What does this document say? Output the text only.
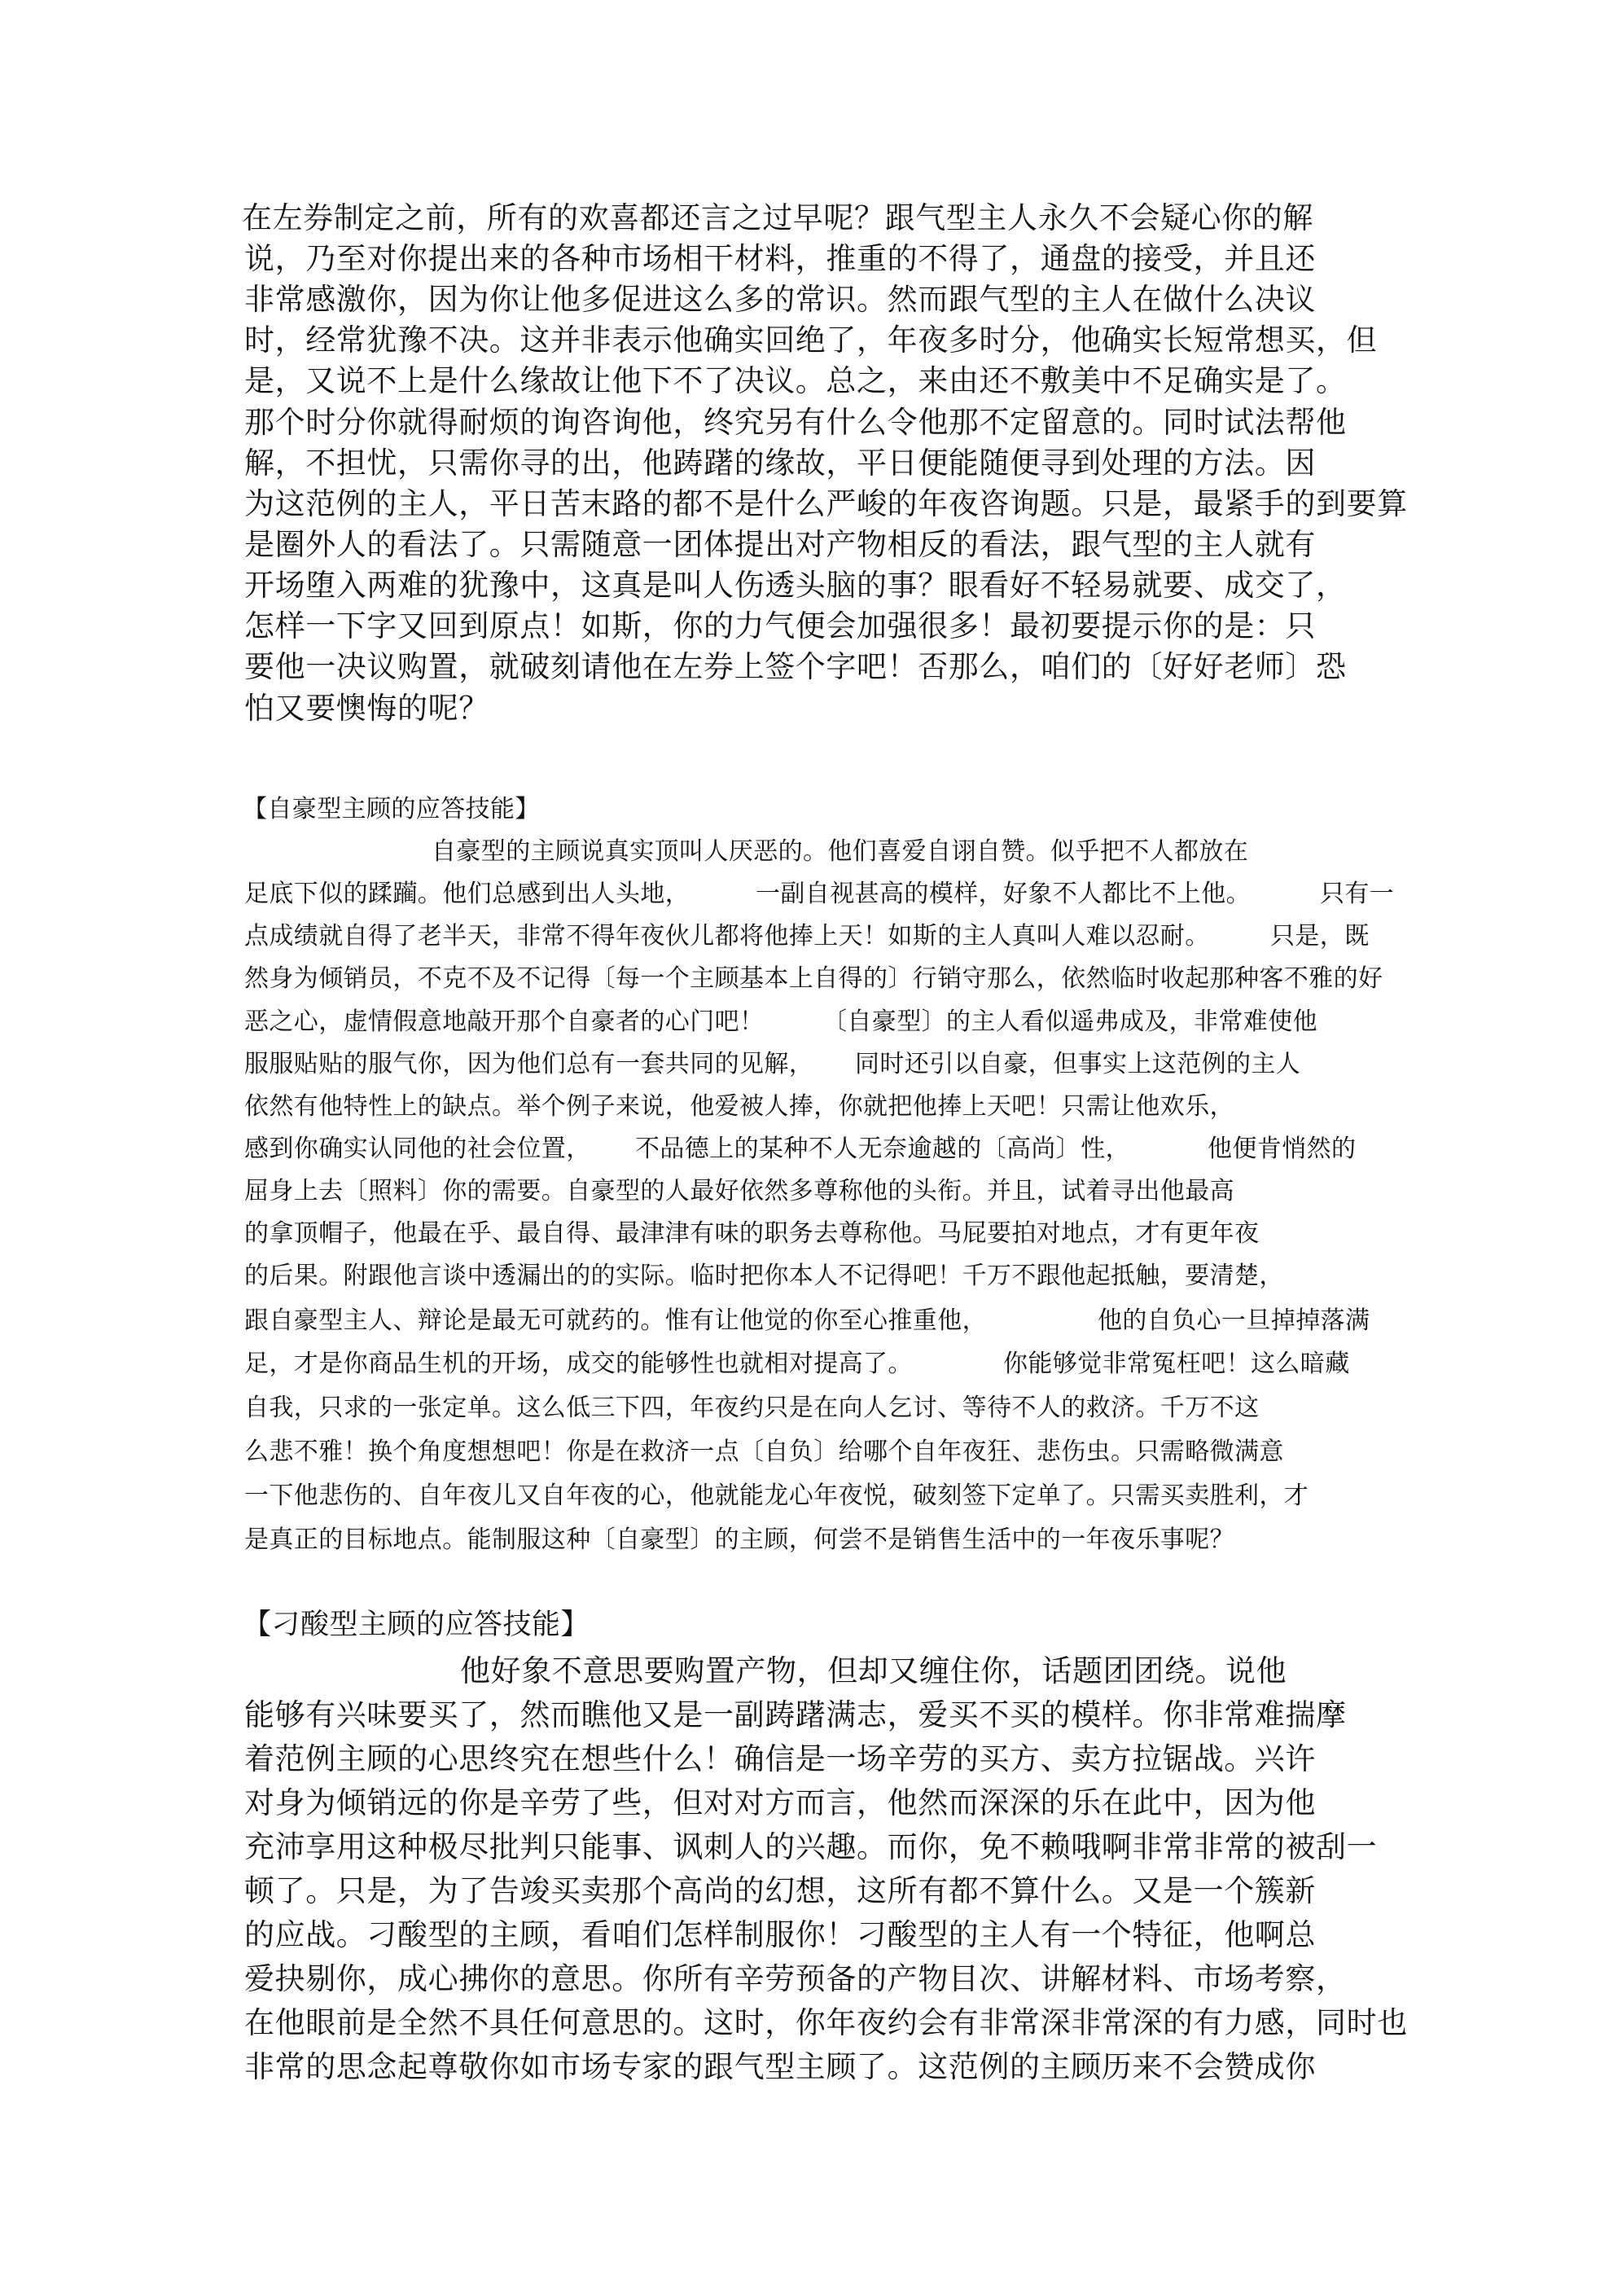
在左券制定之前，所有的欢喜都还言之过早呢？跟气型主人永久不会疑心你的解
说，乃至对你提出来的各种市场相干材料，推重的不得了，通盘的接受，并且还
非常感激你，因为你让他多促进这么多的常识。然而跟气型的主人在做什么决议
时，经常犹豫不决。这并非表示他确实回绝了，年夜多时分，他确实长短常想买，但
是，又说不上是什么缘故让他下不了决议。总之，来由还不敷美中不足确实是了。
那个时分你就得耐烦的询咨询他，终究另有什么令他那不定留意的。同时试法帮他
解，不担忧，只需你寻的出，他踌躇的缘故，平日便能随便寻到处理的方法。因
为这范例的主人，平日苦末路的都不是什么严峻的年夜咨询题。只是，最紧手的到要算
是圈外人的看法了。只需随意一团体提出对产物相反的看法，跟气型的主人就有
开场堕入两难的犹豫中，这真是叫人伤透头脑的事？眼看好不轻易就要、成交了，
怎样一下字又回到原点！如斯，你的力气便会加强很多！最初要提示你的是：只
要他一决议购置，就破刻请他在左券上签个字吧！否那么，咱们的〔好好老师〕恐
怕又要懊悔的呢？
【自豪型主顾的应答技能】
自豪型的主顾说真实顶叫人厌恶的。他们喜爱自诩自赞。似乎把不人都放在
足底下似的蹂躏。他们总感到出人头地，	一副自视甚高的模样，好象不人都比不上他。	只有一
点成绩就自得了老半天，非常不得年夜伙儿都将他捧上天！如斯的主人真叫人难以忍耐。 只是，既
然身为倾销员，不克不及不记得〔每一个主顾基本上自得的〕行销守那么，依然临时收起那种客不雅的好
恶之心，虚情假意地敲开那个自豪者的心门吧！ 〔自豪型〕的主人看似遥弗成及，非常难使他
服服贴贴的服气你，因为他们总有一套共同的见解， 同时还引以自豪，但事实上这范例的主人
依然有他特性上的缺点。举个例子来说，他爱被人捧，你就把他捧上天吧！只需让他欢乐，
感到你确实认同他的社会位置， 不品德上的某种不人无奈逾越的〔高尚〕性，	他便肯悄然的
屈身上去〔照料〕你的需要。自豪型的人最好依然多尊称他的头衔。并且，试着寻出他最高
的拿顶帽子，他最在乎、最自得、最津津有味的职务去尊称他。马屁要拍对地点，才有更年夜
的后果。附跟他言谈中透漏出的的实际。临时把你本人不记得吧！千万不跟他起抵触，要清楚，
跟自豪型主人、辩论是最无可就药的。惟有让他觉的你至心推重他，	他的自负心一旦掉掉落满
足，才是你商品生机的开场，成交的能够性也就相对提高了。	你能够觉非常冤枉吧！这么暗藏
自我，只求的一张定单。这么低三下四，年夜约只是在向人乞讨、等待不人的救济。千万不这
么悲不雅！换个角度想想吧！你是在救济一点〔自负〕给哪个自年夜狂、悲伤虫。只需略微满意
一下他悲伤的、自年夜儿又自年夜的心，他就能龙心年夜悦，破刻签下定单了。只需买卖胜利，才
是真正的目标地点。能制服这种〔自豪型〕的主顾，何尝不是销售生活中的一年夜乐事呢？
【刁酸型主顾的应答技能】
他好象不意思要购置产物，但却又缠住你，话题团团绕。说他
能够有兴味要买了，然而瞧他又是一副踌躇满志，爱买不买的模样。你非常难揣摩
着范例主顾的心思终究在想些什么！确信是一场辛劳的买方、卖方拉锯战。兴许
对身为倾销远的你是辛劳了些，但对对方而言，他然而深深的乐在此中，因为他
充沛享用这种极尽批判只能事、讽刺人的兴趣。而你，免不赖哦啊非常非常的被刮一
顿了。只是，为了告竣买卖那个高尚的幻想，这所有都不算什么。又是一个簇新
的应战。刁酸型的主顾，看咱们怎样制服你！刁酸型的主人有一个特征，他啊总
爱抉剔你，成心拂你的意思。你所有辛劳预备的产物目次、讲解材料、市场考察，
在他眼前是全然不具任何意思的。这时，你年夜约会有非常深非常深的有力感，同时也
非常的思念起尊敬你如市场专家的跟气型主顾了。这范例的主顾历来不会赞成你
